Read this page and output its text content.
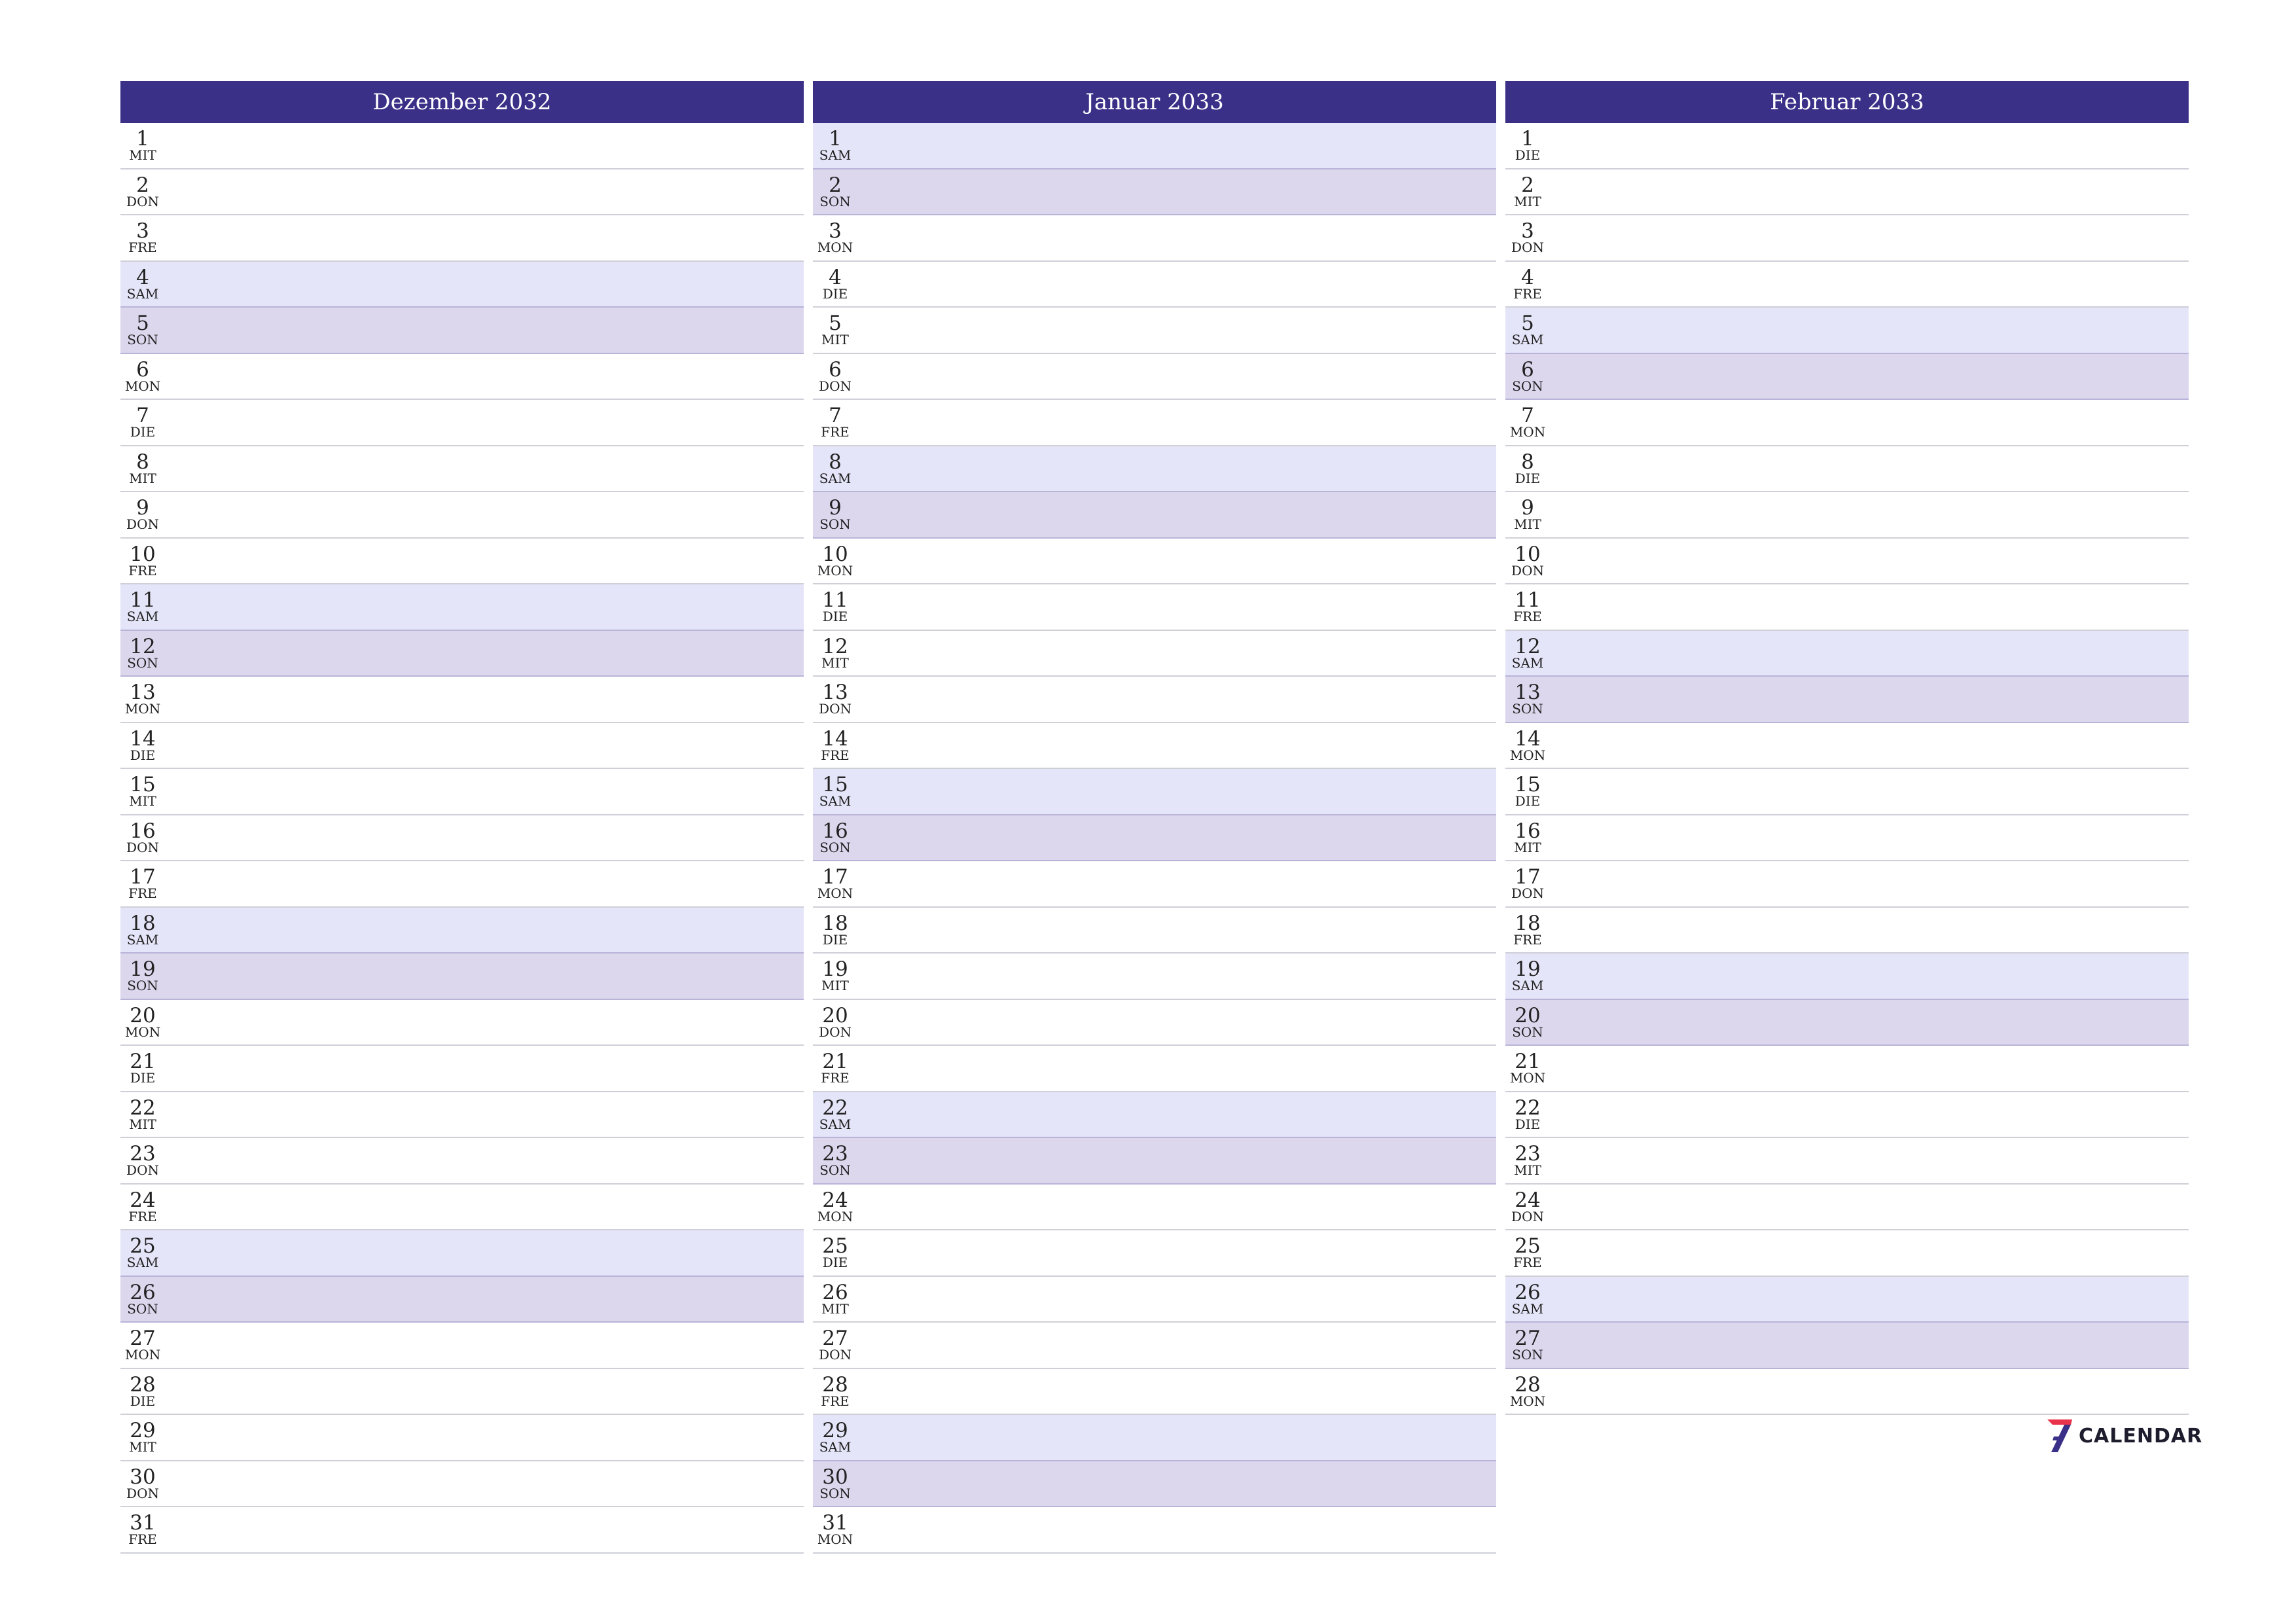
Dezember 2032
1
MIT
2
DON
3
FRE
4
SAM
5
SON
6
MON
7
DIE
8
MIT
9
DON
10
FRE
11
SAM
12
SON
13
MON
14
DIE
15
MIT
16
DON
17
FRE
18
SAM
19
SON
20
MON
21
DIE
22
MIT
23
DON
24
FRE
25
SAM
26
SON
27
MON
28
DIE
29
MIT
30
DON
31
FRE
Januar 2033
1
SAM
2
SON
3
MON
4
DIE
5
MIT
6
DON
7
FRE
8
SAM
9
SON
10
MON
11
DIE
12
MIT
13
DON
14
FRE
15
SAM
16
SON
17
MON
18
DIE
19
MIT
20
DON
21
FRE
22
SAM
23
SON
24
MON
25
DIE
26
MIT
27
DON
28
FRE
29
SAM
30
SON
31
MON
Februar 2033
1
DIE
2
MIT
3
DON
4
FRE
5
SAM
6
SON
7
MON
8
DIE
9
MIT
10
DON
11
FRE
12
SAM
13
SON
14
MON
15
DIE
16
MIT
17
DON
18
FRE
19
SAM
20
SON
21
MON
22
DIE
23
MIT
24
DON
25
FRE
26
SAM
27
SON
28
MON
CALENDAR
